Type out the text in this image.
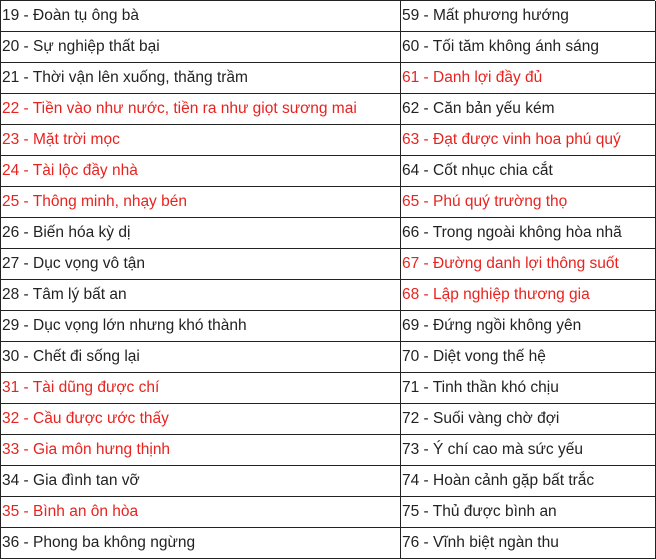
19 - Đoàn tụ ông bà	59 - Mất phương hướng
20 - Sự nghiệp thất bại	60 - Tối tăm không ánh sáng
21 - Thời vận lên xuống, thăng trầm	61 - Danh lợi đầy đủ
22 - Tiền vào như nước, tiền ra như giọt sương mai	62 - Căn bản yếu kém
23 - Mặt trời mọc	63 - Đạt được vinh hoa phú quý
24 - Tài lộc đầy nhà	64 - Cốt nhục chia cắt
25 - Thông minh, nhạy bén	65 - Phú quý trường thọ
26 - Biến hóa kỳ dị	66 - Trong ngoài không hòa nhã
27 - Dục vọng vô tận	67 - Đường danh lợi thông suốt
28 - Tâm lý bất an	68 - Lập nghiệp thương gia
29 - Dục vọng lớn nhưng khó thành	69 - Đứng ngồi không yên
30 - Chết đi sống lại	70 - Diệt vong thế hệ
31 - Tài dũng được chí	71 - Tinh thần khó chịu
32 - Cầu được ước thấy	72 - Suối vàng chờ đợi
33 - Gia môn hưng thịnh	73 - Ý chí cao mà sức yếu
34 - Gia đình tan vỡ	74 - Hoàn cảnh gặp bất trắc
35 - Bình an ôn hòa	75 - Thủ được bình an
36 - Phong ba không ngừng	76 - Vĩnh biệt ngàn thu
